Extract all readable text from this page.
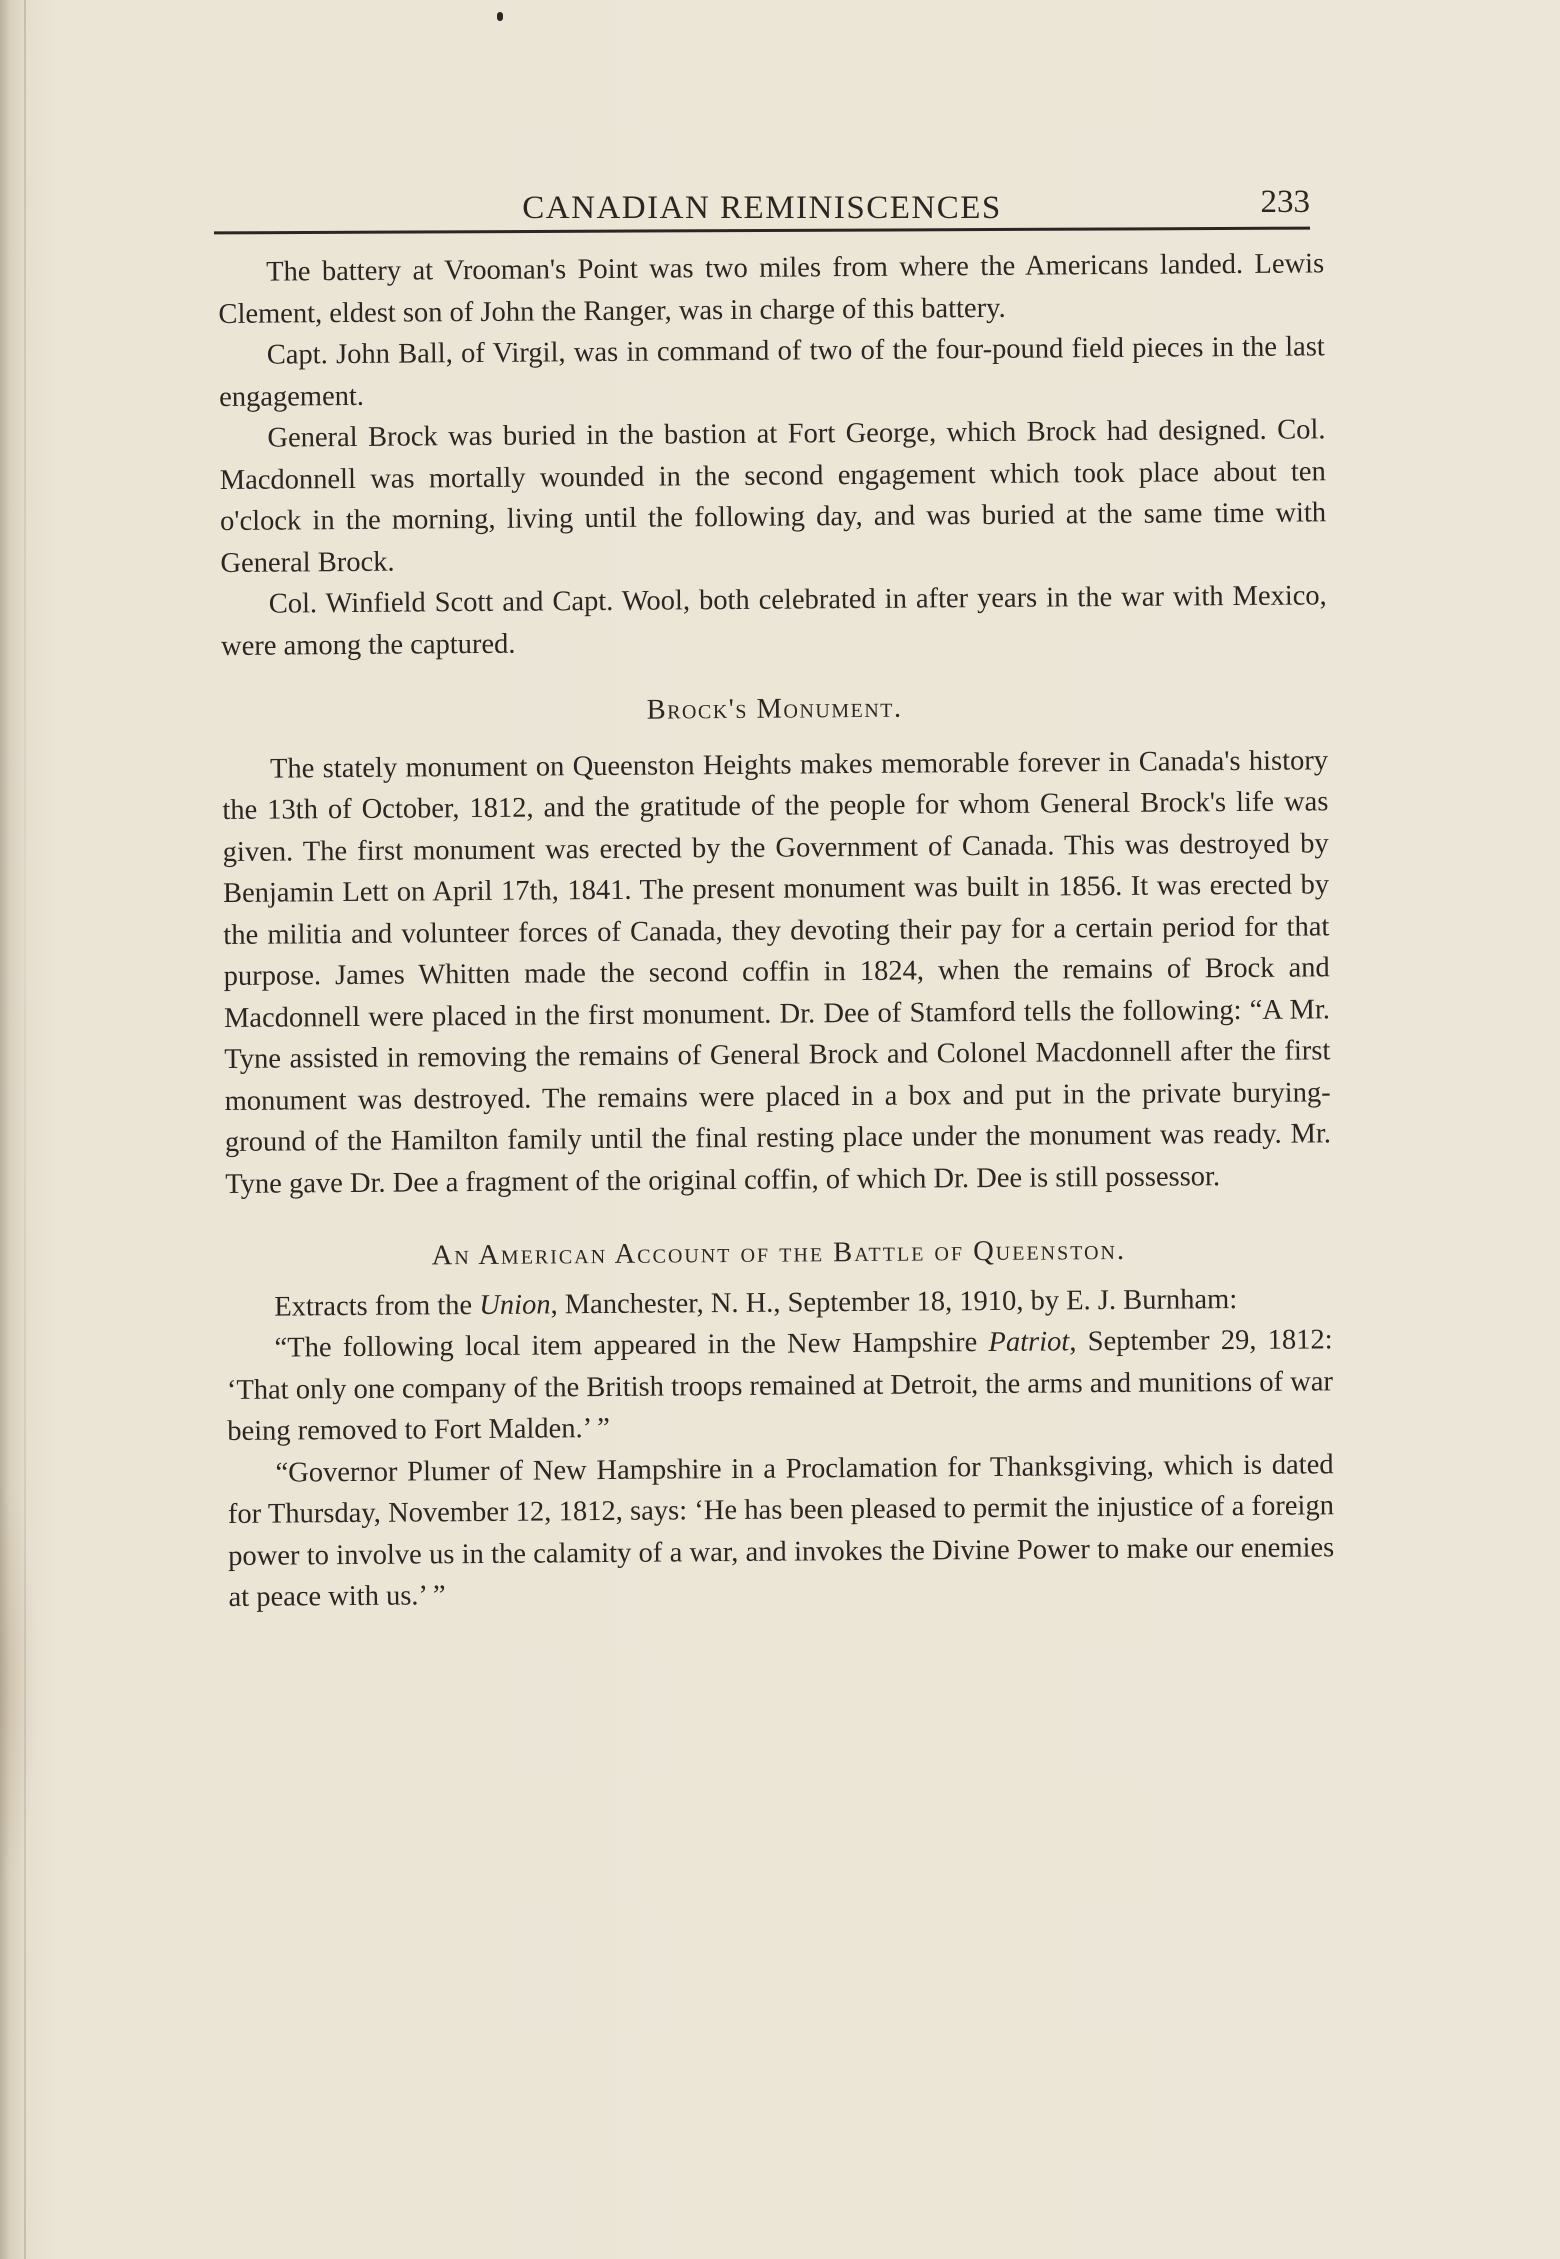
CANADIAN REMINISCENCES	233

The battery at Vrooman's Point was two miles from where the Americans landed. Lewis Clement, eldest son of John the Ranger, was in charge of this battery.

Capt. John Ball, of Virgil, was in command of two of the four-pound field pieces in the last engagement.

General Brock was buried in the bastion at Fort George, which Brock had designed. Col. Macdonnell was mortally wounded in the second engagement which took place about ten o'clock in the morning, living until the following day, and was buried at the same time with General Brock.

Col. Winfield Scott and Capt. Wool, both celebrated in after years in the war with Mexico, were among the captured.

Brock's Monument.

The stately monument on Queenston Heights makes memorable forever in Canada's history the 13th of October, 1812, and the gratitude of the people for whom General Brock's life was given. The first monument was erected by the Government of Canada. This was destroyed by Benjamin Lett on April 17th, 1841. The present monument was built in 1856. It was erected by the militia and volunteer forces of Canada, they devoting their pay for a certain period for that purpose. James Whitten made the second coffin in 1824, when the remains of Brock and Macdonnell were placed in the first monument. Dr. Dee of Stamford tells the following: “A Mr. Tyne assisted in removing the remains of General Brock and Colonel Macdonnell after the first monument was destroyed. The remains were placed in a box and put in the private burying-ground of the Hamilton family until the final resting place under the monument was ready. Mr. Tyne gave Dr. Dee a fragment of the original coffin, of which Dr. Dee is still possessor.

An American Account of the Battle of Queenston.

Extracts from the Union, Manchester, N. H., September 18, 1910, by E. J. Burnham:

“The following local item appeared in the New Hampshire Patriot, September 29, 1812: ‘That only one company of the British troops remained at Detroit, the arms and munitions of war being removed to Fort Malden.’ ”

“Governor Plumer of New Hampshire in a Proclamation for Thanksgiving, which is dated for Thursday, November 12, 1812, says: ‘He has been pleased to permit the injustice of a foreign power to involve us in the calamity of a war, and invokes the Divine Power to make our enemies at peace with us.’ ”
